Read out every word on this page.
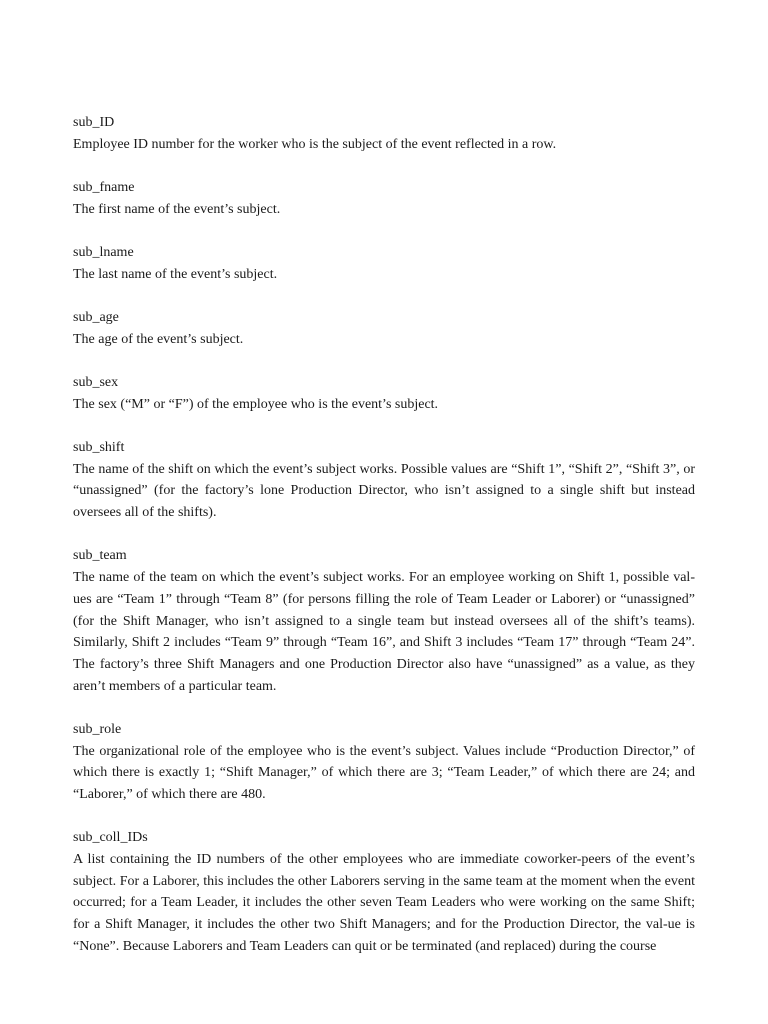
sub_ID
Employee ID number for the worker who is the subject of the event reflected in a row.
sub_fname
The first name of the event’s subject.
sub_lname
The last name of the event’s subject.
sub_age
The age of the event’s subject.
sub_sex
The sex (“M” or “F”) of the employee who is the event’s subject.
sub_shift
The name of the shift on which the event’s subject works. Possible values are “Shift 1”, “Shift 2”, “Shift 3”, or “unassigned” (for the factory’s lone Production Director, who isn’t assigned to a single shift but instead oversees all of the shifts).
sub_team
The name of the team on which the event’s subject works. For an employee working on Shift 1, possible val-ues are “Team 1” through “Team 8” (for persons filling the role of Team Leader or Laborer) or “unassigned” (for the Shift Manager, who isn’t assigned to a single team but instead oversees all of the shift’s teams). Similarly, Shift 2 includes “Team 9” through “Team 16”, and Shift 3 includes “Team 17” through “Team 24”. The factory’s three Shift Managers and one Production Director also have “unassigned” as a value, as they aren’t members of a particular team.
sub_role
The organizational role of the employee who is the event’s subject. Values include “Production Director,” of which there is exactly 1; “Shift Manager,” of which there are 3; “Team Leader,” of which there are 24; and “Laborer,” of which there are 480.
sub_coll_IDs
A list containing the ID numbers of the other employees who are immediate coworker-peers of the event’s subject. For a Laborer, this includes the other Laborers serving in the same team at the moment when the event occurred; for a Team Leader, it includes the other seven Team Leaders who were working on the same Shift; for a Shift Manager, it includes the other two Shift Managers; and for the Production Director, the val-ue is “None”. Because Laborers and Team Leaders can quit or be terminated (and replaced) during the course
